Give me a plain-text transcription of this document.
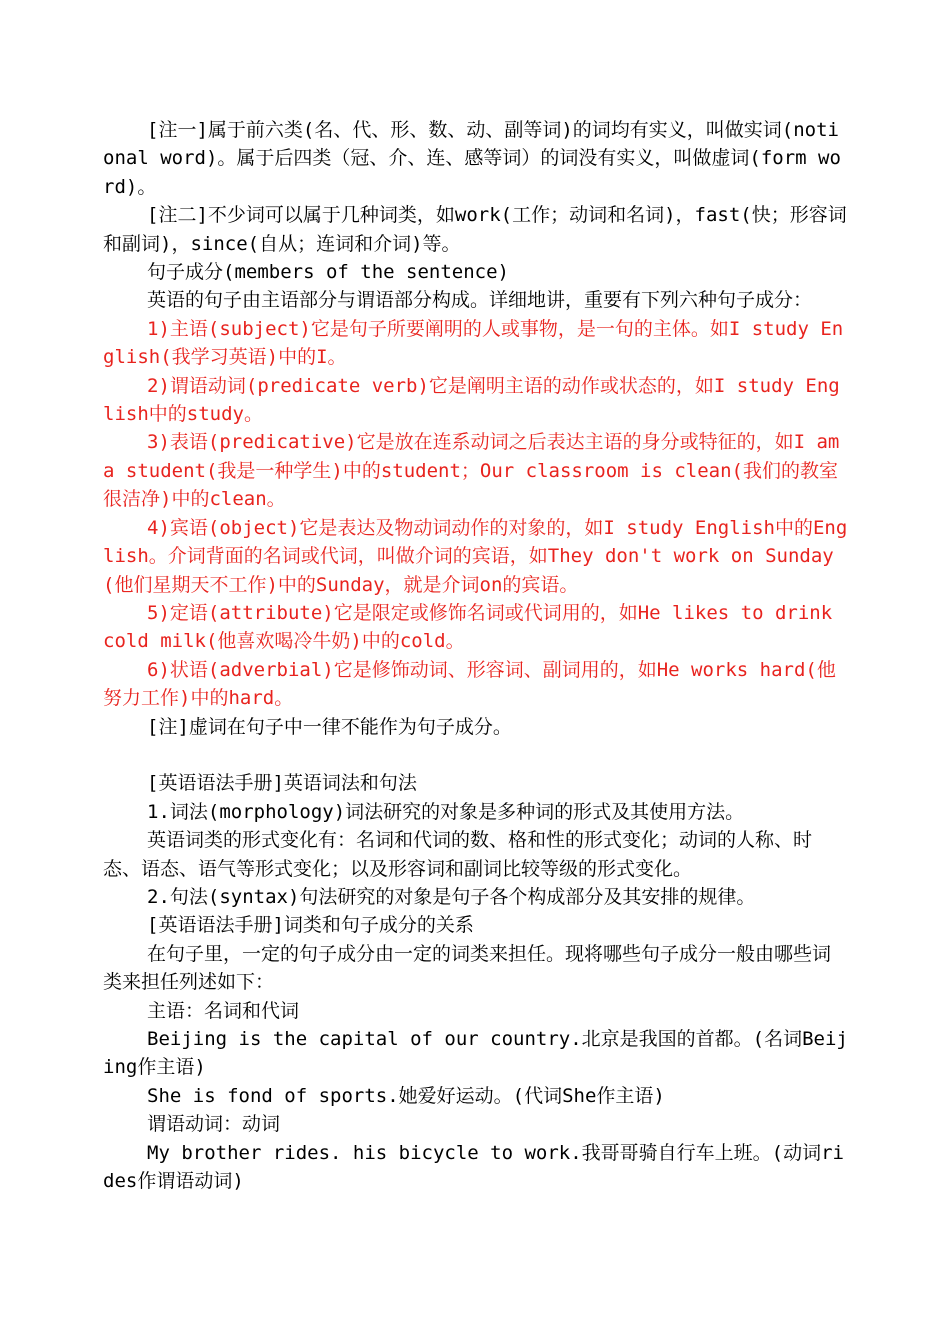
[注一]属于前六类(名、代、形、数、动、副等词)的词均有实义，叫做实词(notional word)。属于后四类（冠、介、连、感等词）的词没有实义，叫做虚词(form word)。

[注二]不少词可以属于几种词类，如work(工作；动词和名词)，fast(快；形容词和副词)，since(自从；连词和介词)等。

句子成分(members of the sentence)

英语的句子由主语部分与谓语部分构成。详细地讲，重要有下列六种句子成分：

1)主语(subject)它是句子所要阐明的人或事物，是一句的主体。如I study English(我学习英语)中的I。

2)谓语动词(predicate verb)它是阐明主语的动作或状态的，如I study English中的study。

3)表语(predicative)它是放在连系动词之后表达主语的身分或特征的，如I am a student(我是一种学生)中的student；Our classroom is clean(我们的教室很洁净)中的clean。

4)宾语(object)它是表达及物动词动作的对象的，如I study English中的English。介词背面的名词或代词，叫做介词的宾语，如They don't work on Sunday(他们星期天不工作)中的Sunday，就是介词on的宾语。

5)定语(attribute)它是限定或修饰名词或代词用的，如He likes to drink cold milk(他喜欢喝冷牛奶)中的cold。

6)状语(adverbial)它是修饰动词、形容词、副词用的，如He works hard(他努力工作)中的hard。

[注]虚词在句子中一律不能作为句子成分。

[英语语法手册]英语词法和句法

1.词法(morphology)词法研究的对象是多种词的形式及其使用方法。

英语词类的形式变化有：名词和代词的数、格和性的形式变化；动词的人称、时态、语态、语气等形式变化；以及形容词和副词比较等级的形式变化。

2.句法(syntax)句法研究的对象是句子各个构成部分及其安排的规律。

[英语语法手册]词类和句子成分的关系

在句子里，一定的句子成分由一定的词类来担任。现将哪些句子成分一般由哪些词类来担任列述如下：

主语：名词和代词

Beijing is the capital of our country.北京是我国的首都。(名词Beijing作主语)

She is fond of sports.她爱好运动。(代词She作主语)

谓语动词：动词

My brother rides. his bicycle to work.我哥哥骑自行车上班。(动词rides作谓语动词)
